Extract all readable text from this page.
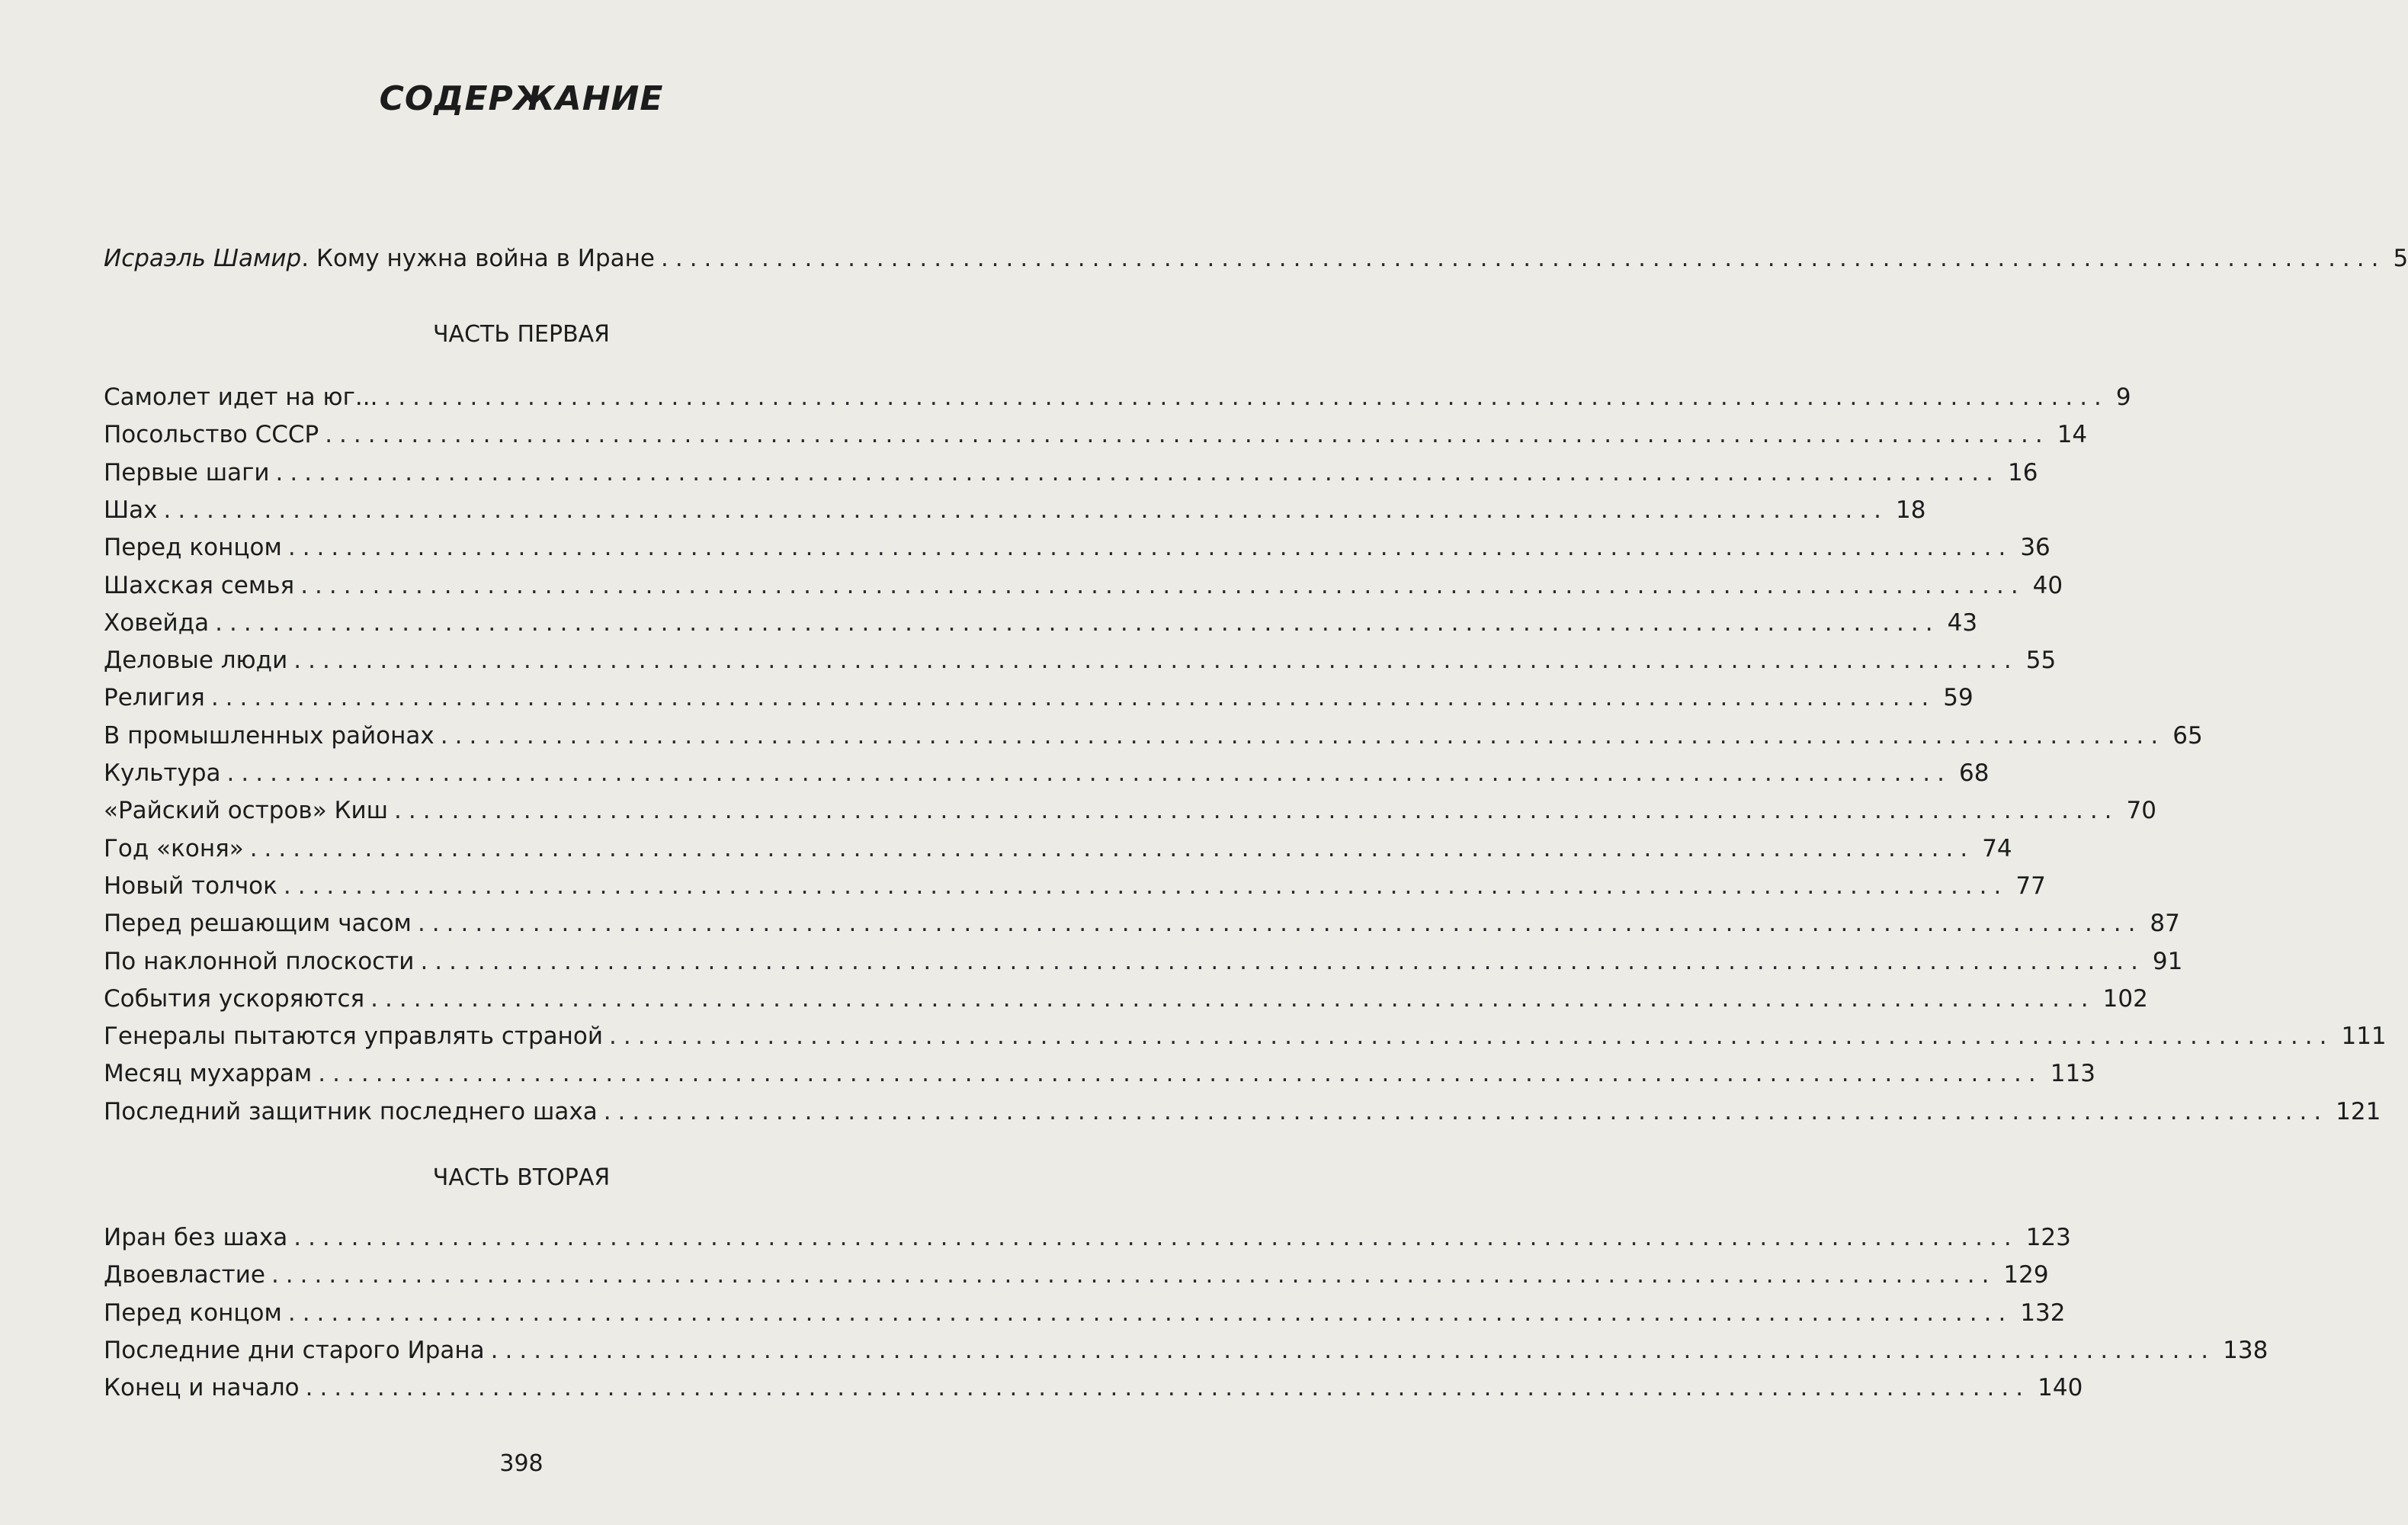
СОДЕРЖАНИЕ
Исраэль Шамир. Кому нужна война в Иране ........................................................................................................................ 5
ЧАСТЬ ПЕРВАЯ
Самолет идет на юг... ........................................................................................................................ 9
Посольство СССР ........................................................................................................................ 14
Первые шаги ........................................................................................................................ 16
Шах ........................................................................................................................ 18
Перед концом ........................................................................................................................ 36
Шахская семья ........................................................................................................................ 40
Ховейда ........................................................................................................................ 43
Деловые люди ........................................................................................................................ 55
Религия ........................................................................................................................ 59
В промышленных районах ........................................................................................................................ 65
Культура ........................................................................................................................ 68
«Райский остров» Киш ........................................................................................................................ 70
Год «коня» ........................................................................................................................ 74
Новый толчок ........................................................................................................................ 77
Перед решающим часом ........................................................................................................................ 87
По наклонной плоскости ........................................................................................................................ 91
События ускоряются ........................................................................................................................ 102
Генералы пытаются управлять страной ........................................................................................................................ 111
Месяц мухаррам ........................................................................................................................ 113
Последний защитник последнего шаха ........................................................................................................................ 121
ЧАСТЬ ВТОРАЯ
Иран без шаха ........................................................................................................................ 123
Двоевластие ........................................................................................................................ 129
Перед концом ........................................................................................................................ 132
Последние дни старого Ирана ........................................................................................................................ 138
Конец и начало ........................................................................................................................ 140
398
